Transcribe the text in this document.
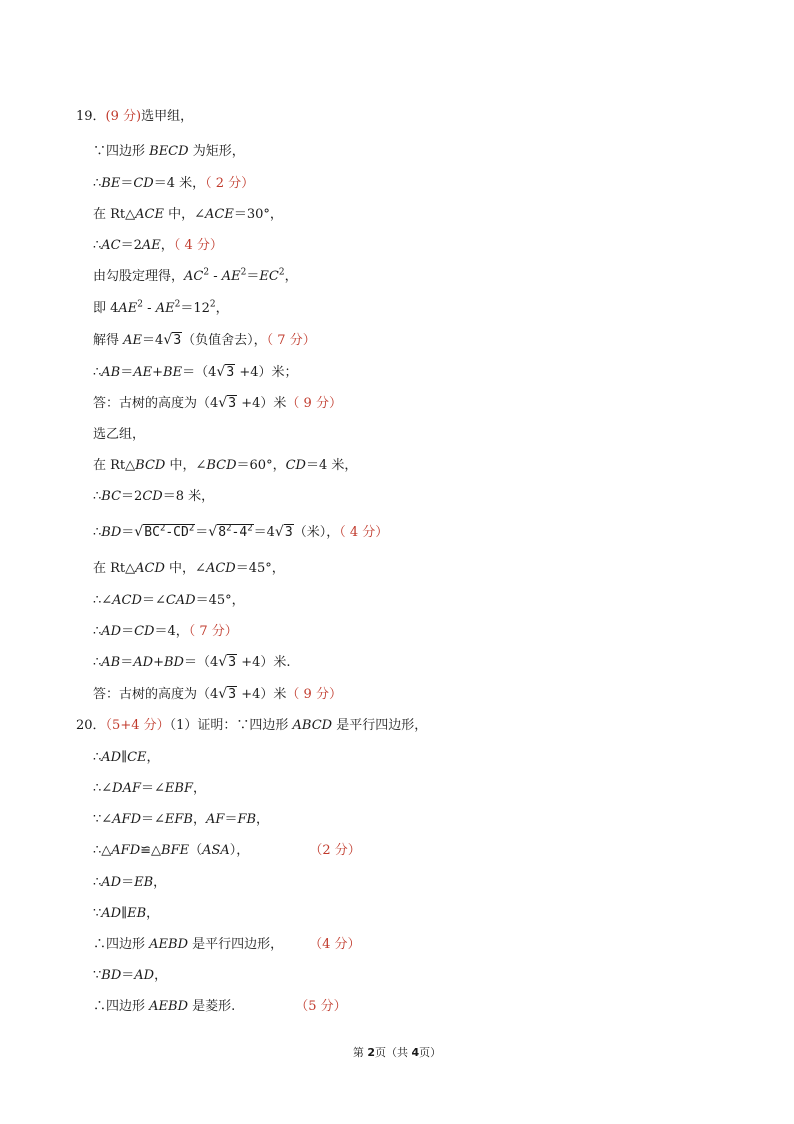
19．(9 分)选甲组，
∵四边形 BECD 为矩形，
∴BE＝CD＝4 米，（ 2 分）
在 Rt△ACE 中，∠ACE＝30°，
∴AC＝2AE，（ 4 分）
由勾股定理得，$AC^2 - AE^2=EC^2$，
即 $4AE^2 - AE^2=12^2$，
解得 AE＝4√ 3（负值舍去），（ 7 分）
∴AB＝AE+BE＝（4√ 3 +4）米；
答：古树的高度为（4√ 3 +4）米（ 9 分）
选乙组，
在 Rt△BCD 中，∠BCD＝60°，CD＝4 米，
∴BC＝2CD＝8 米，
∴BD＝√ $BC^2-CD^2=√$ $8^2-4^2=4√$ 3（米），（ 4 分）
在 Rt△ACD 中，∠ACD＝45°，
∴∠ACD＝∠CAD＝45°，
∴AD＝CD＝4，（ 7 分）
∴AB＝AD+BD＝（4√ 3 +4）米.
答：古树的高度为（4√ 3 +4）米（ 9 分）
20．（5+4 分）（1）证明：∵四边形 ABCD 是平行四边形，
∴AD∥CE，
∴∠DAF＝∠EBF，
∵∠AFD＝∠EFB，AF＝FB，
∴△AFD≌△BFE（ASA），	（2 分）
∴AD＝EB，
∵AD∥EB，
∴四边形 AEBD 是平行四边形， （4 分）
∵BD＝AD，
∴四边形 AEBD 是菱形.	（5 分）
第 2页（共 4页）
